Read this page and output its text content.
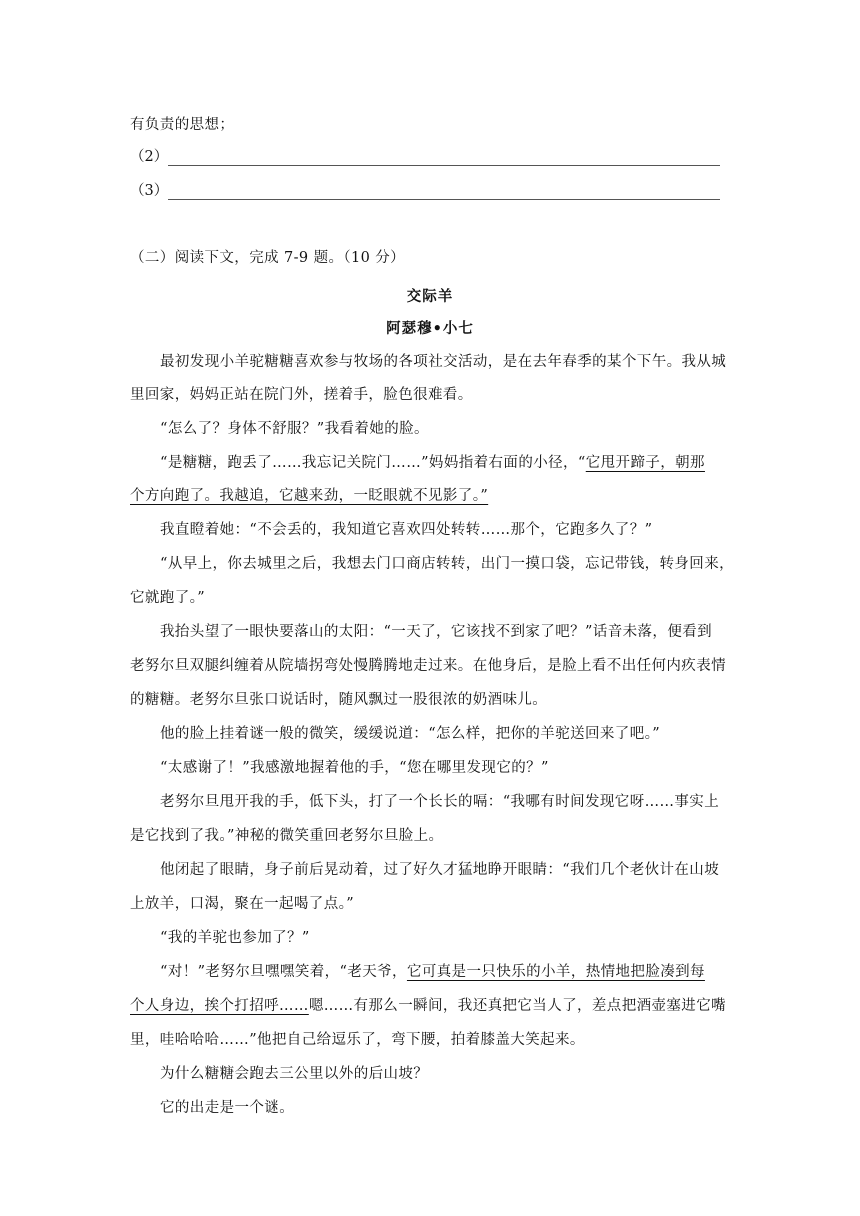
有负责的思想；
（2）
（3）
（二）阅读下文，完成 7-9 题。（10 分）
交际羊
阿瑟穆•小七
最初发现小羊驼糖糖喜欢参与牧场的各项社交活动，是在去年春季的某个下午。我从城
里回家，妈妈正站在院门外，搓着手，脸色很难看。
“怎么了？身体不舒服？”我看着她的脸。
“是糖糖，跑丢了……我忘记关院门……”妈妈指着右面的小径，“它甩开蹄子，朝那
个方向跑了。我越追，它越来劲，一眨眼就不见影了。”
我直瞪着她：“不会丢的，我知道它喜欢四处转转……那个，它跑多久了？”
“从早上，你去城里之后，我想去门口商店转转，出门一摸口袋，忘记带钱，转身回来，
它就跑了。”
我抬头望了一眼快要落山的太阳：“一天了，它该找不到家了吧？”话音未落，便看到
老努尔旦双腿纠缠着从院墙拐弯处慢腾腾地走过来。在他身后，是脸上看不出任何内疚表情
的糖糖。老努尔旦张口说话时，随风飘过一股很浓的奶酒味儿。
他的脸上挂着谜一般的微笑，缓缓说道：“怎么样，把你的羊驼送回来了吧。”
“太感谢了！”我感激地握着他的手，“您在哪里发现它的？”
老努尔旦甩开我的手，低下头，打了一个长长的嗝：“我哪有时间发现它呀……事实上
是它找到了我。”神秘的微笑重回老努尔旦脸上。
他闭起了眼睛，身子前后晃动着，过了好久才猛地睁开眼睛：“我们几个老伙计在山坡
上放羊，口渴，聚在一起喝了点。”
“我的羊驼也参加了？”
“对！”老努尔旦嘿嘿笑着，“老天爷，它可真是一只快乐的小羊，热情地把脸凑到每
个人身边，挨个打招呼……嗯……有那么一瞬间，我还真把它当人了，差点把酒壶塞进它嘴
里，哇哈哈哈……”他把自己给逗乐了，弯下腰，拍着膝盖大笑起来。
为什么糖糖会跑去三公里以外的后山坡？
它的出走是一个谜。
